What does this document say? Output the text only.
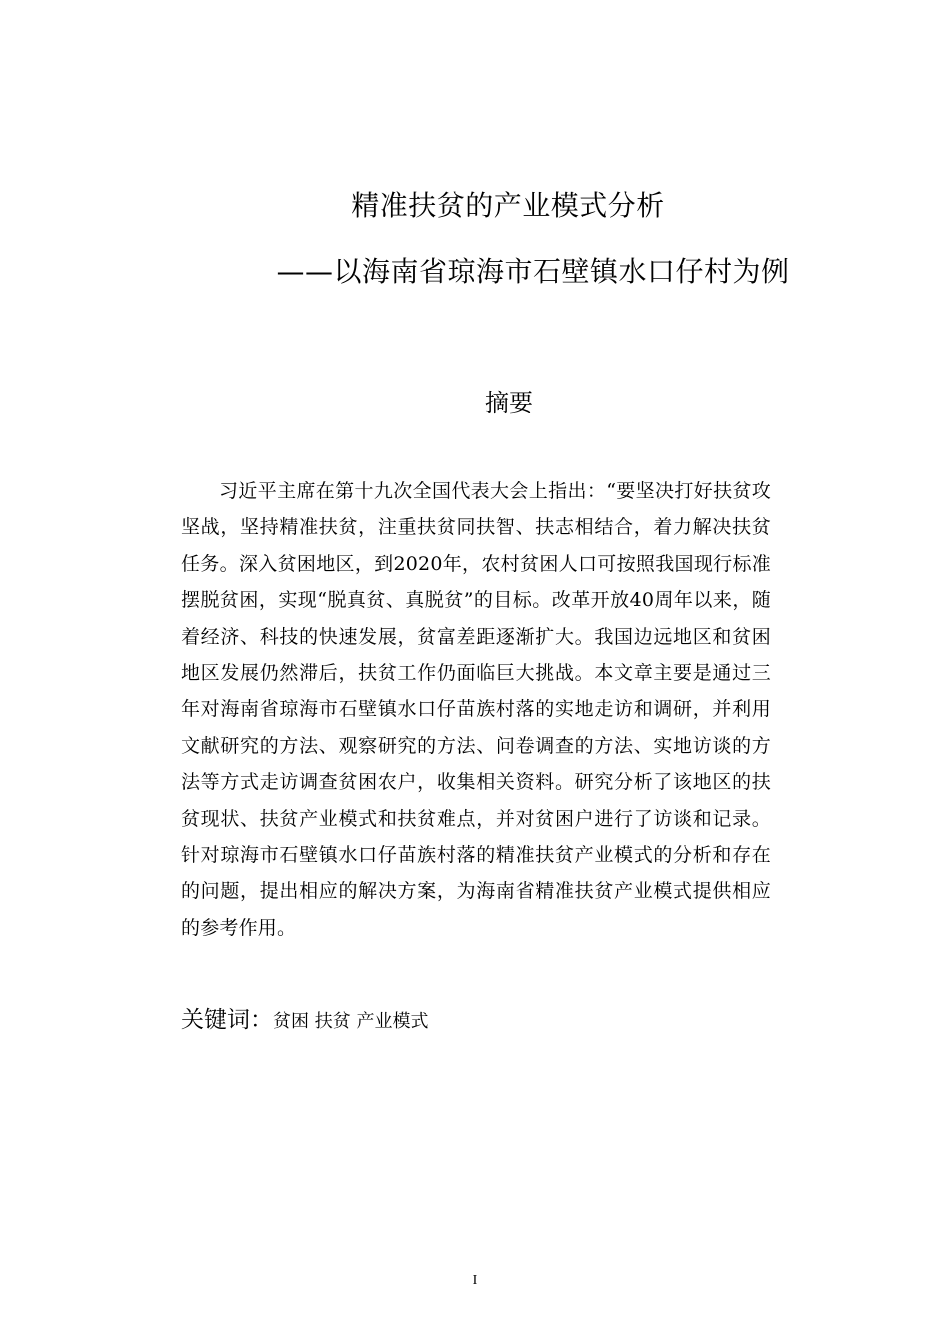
精准扶贫的产业模式分析
——以海南省琼海市石壁镇水口仔村为例
摘要

习近平主席在第十九次全国代表大会上指出：“要坚决打好扶贫攻坚战，坚持精准扶贫，注重扶贫同扶智、扶志相结合，着力解决扶贫任务。深入贫困地区，到2020年，农村贫困人口可按照我国现行标准摆脱贫困，实现“脱真贫、真脱贫”的目标。改革开放40周年以来，随着经济、科技的快速发展，贫富差距逐渐扩大。我国边远地区和贫困地区发展仍然滞后，扶贫工作仍面临巨大挑战。本文章主要是通过三年对海南省琼海市石壁镇水口仔苗族村落的实地走访和调研，并利用文献研究的方法、观察研究的方法、问卷调查的方法、实地访谈的方法等方式走访调查贫困农户，收集相关资料。研究分析了该地区的扶贫现状、扶贫产业模式和扶贫难点，并对贫困户进行了访谈和记录。针对琼海市石壁镇水口仔苗族村落的精准扶贫产业模式的分析和存在的问题，提出相应的解决方案，为海南省精准扶贫产业模式提供相应的参考作用。

关键词：贫困 扶贫 产业模式

I
